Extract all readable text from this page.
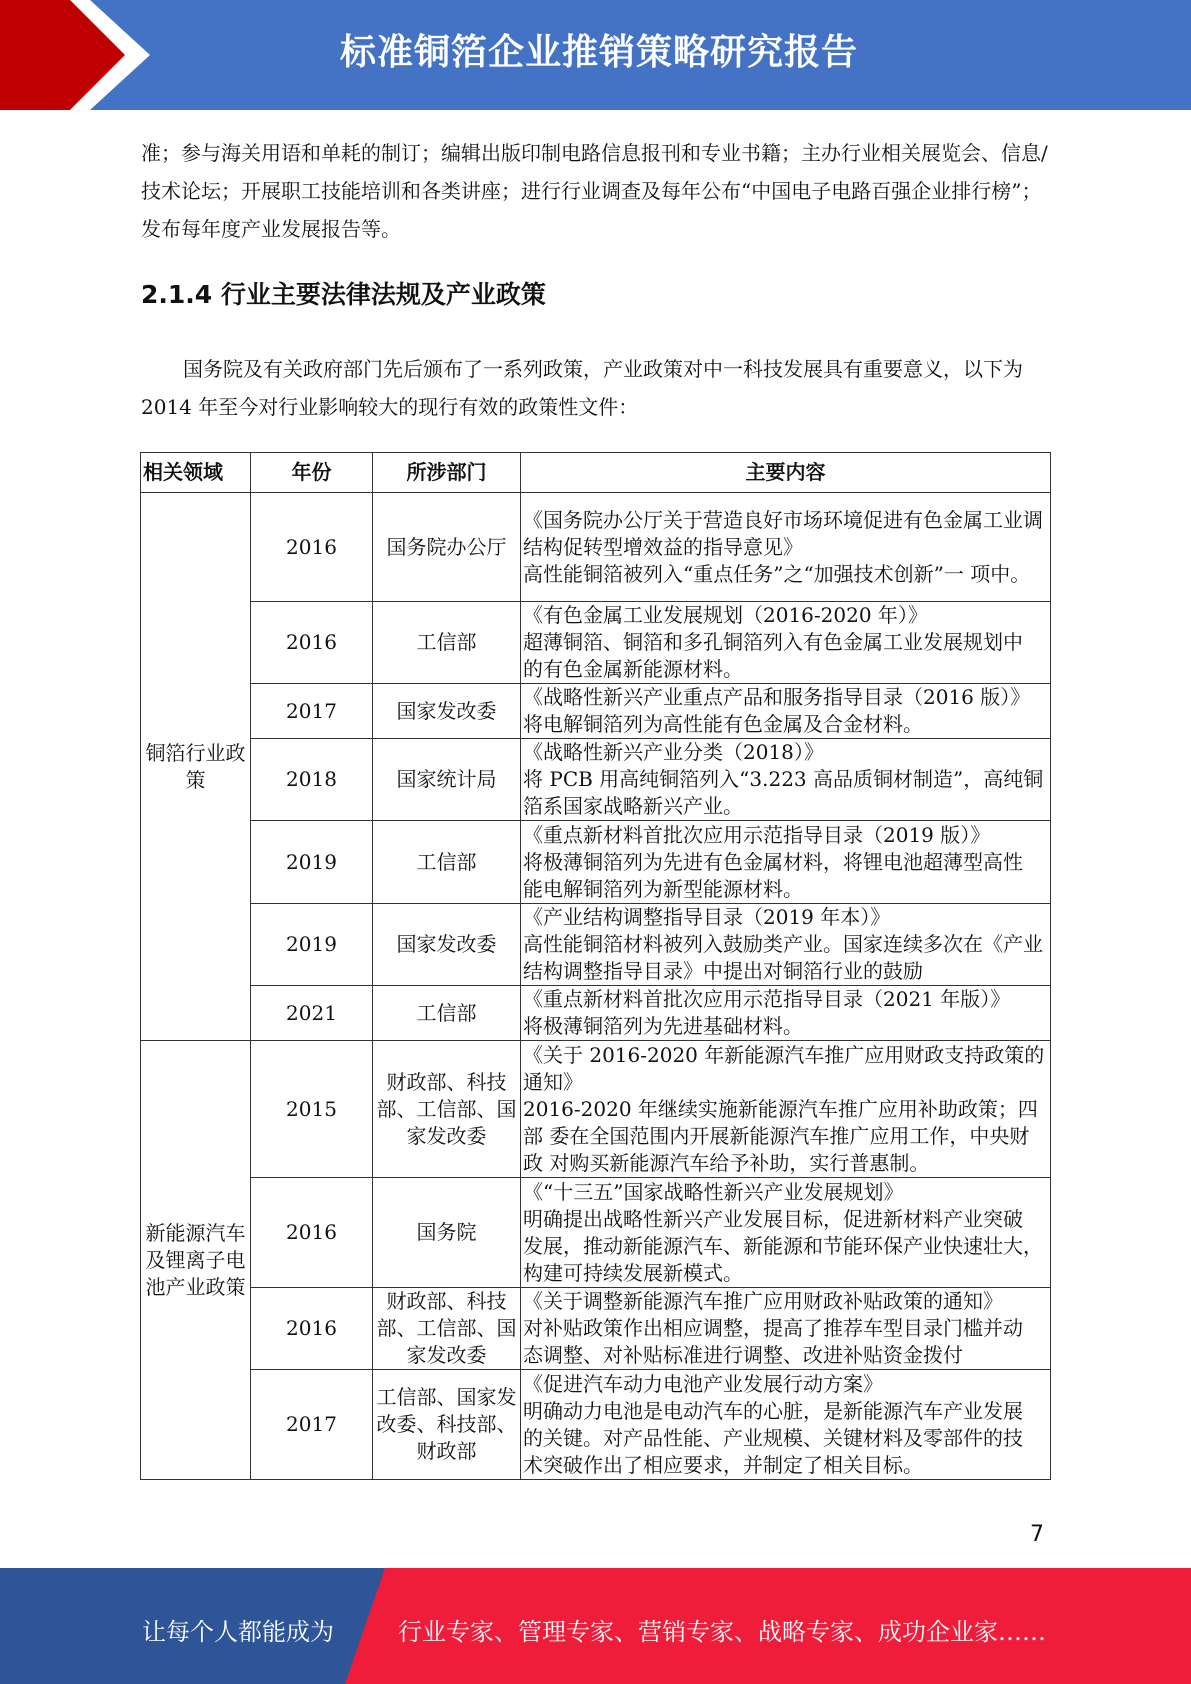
标准铜箔企业推销策略研究报告

准；参与海关用语和单耗的制订；编辑出版印制电路信息报刊和专业书籍；主办行业相关展览会、信息/技术论坛；开展职工技能培训和各类讲座；进行行业调查及每年公布“中国电子电路百强企业排行榜”；发布每年度产业发展报告等。

2.1.4 行业主要法律法规及产业政策

国务院及有关政府部门先后颁布了一系列政策，产业政策对中一科技发展具有重要意义，以下为 2014 年至今对行业影响较大的现行有效的政策性文件：

相关领域	年份	所涉部门	主要内容
铜箔行业政策	2016	国务院办公厅	《国务院办公厅关于营造良好市场环境促进有色金属工业调结构促转型增效益的指导意见》
高性能铜箔被列入“重点任务”之“加强技术创新”一 项中。

	2016	工信部	《有色金属工业发展规划（2016-2020 年）》
超薄铜箔、铜箔和多孔铜箔列入有色金属工业发展规划中 的有色金属新能源材料。

	2017	国家发改委	《战略性新兴产业重点产品和服务指导目录（2016 版）》
将电解铜箔列为高性能有色金属及合金材料。

	2018	国家统计局	《战略性新兴产业分类（2018）》
将 PCB 用高纯铜箔列入“3.223 高品质铜材制造”，高纯铜 箔系国家战略新兴产业。

	2019	工信部	《重点新材料首批次应用示范指导目录（2019 版）》
将极薄铜箔列为先进有色金属材料，将锂电池超薄型高性 能电解铜箔列为新型能源材料。

	2019	国家发改委	《产业结构调整指导目录（2019 年本）》
高性能铜箔材料被列入鼓励类产业。国家连续多次在《产业 结构调整指导目录》中提出对铜箔行业的鼓励

	2021	工信部	《重点新材料首批次应用示范指导目录（2021 年版）》
将极薄铜箔列为先进基础材料。

新能源汽车及锂离子电池产业政策	2015	财政部、科技部、工信部、国 家发改委	《关于 2016-2020 年新能源汽车推广应用财政支持政策的 通知》
2016-2020 年继续实施新能源汽车推广应用补助政策；四部 委在全国范围内开展新能源汽车推广应用工作，中央财政 对购买新能源汽车给予补助，实行普惠制。

	2016	国务院	《“十三五”国家战略性新兴产业发展规划》
明确提出战略性新兴产业发展目标，促进新材料产业突破 发展，推动新能源汽车、新能源和节能环保产业快速壮大， 构建可持续发展新模式。

	2016	财政部、科技部、工信部、国 家发改委	《关于调整新能源汽车推广应用财政补贴政策的通知》
对补贴政策作出相应调整，提高了推荐车型目录门槛并动 态调整、对补贴标准进行调整、改进补贴资金拨付

	2017	工信部、国家发 改委、科技部、 财政部	《促进汽车动力电池产业发展行动方案》
明确动力电池是电动汽车的心脏，是新能源汽车产业发展 的关键。对产品性能、产业规模、关键材料及零部件的技 术突破作出了相应要求，并制定了相关目标。
7
让每个人都能成为	行业专家、管理专家、营销专家、战略专家、成功企业家……
